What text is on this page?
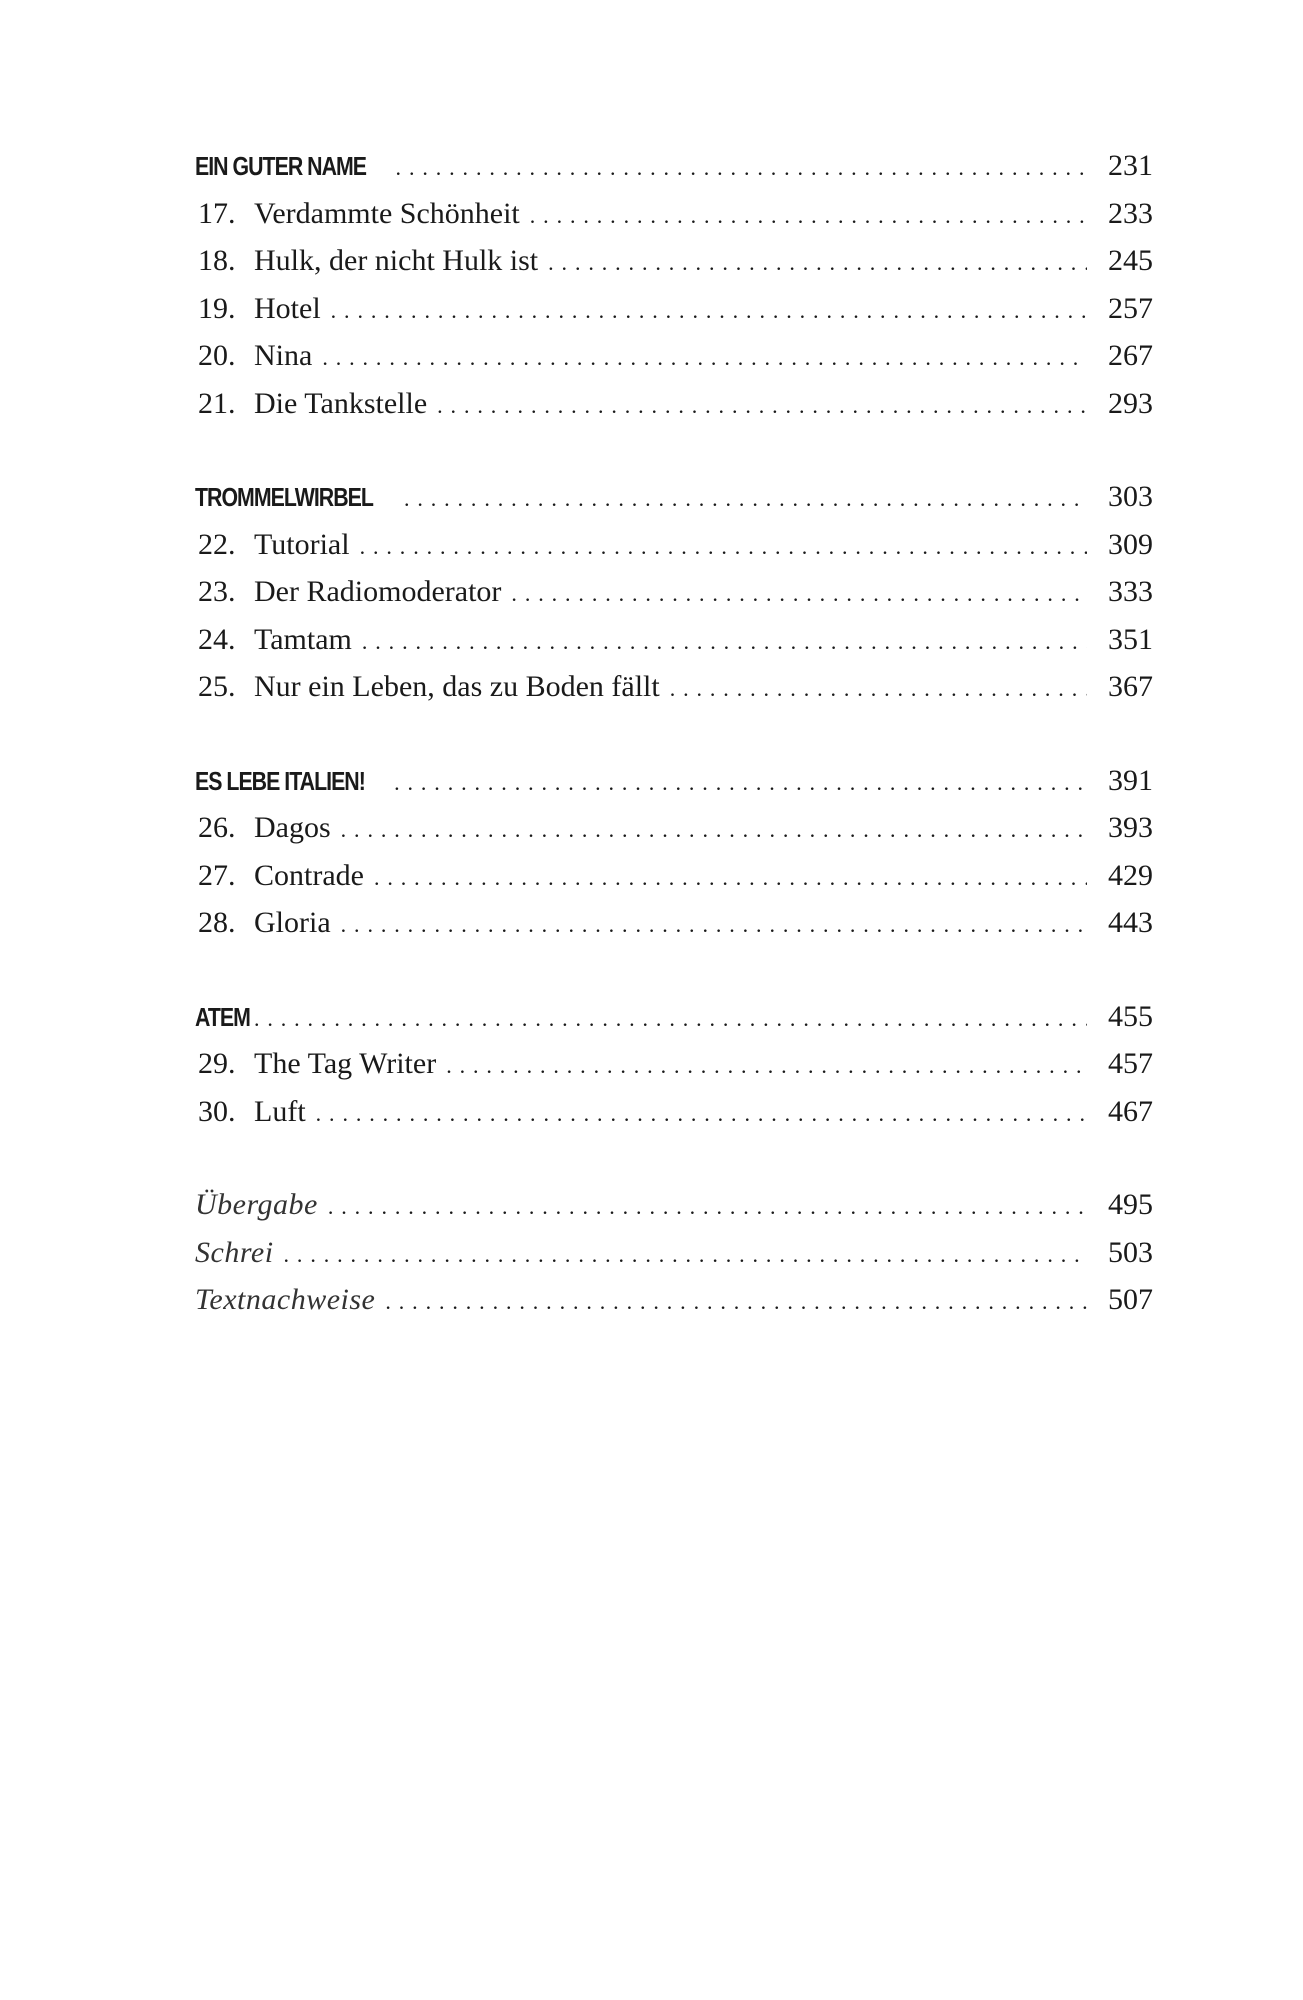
EIN GUTER NAME . . .	231
17. Verdammte Schönheit . . .	233
18. Hulk, der nicht Hulk ist . . .	245
19. Hotel . . .	257
20. Nina . . .	267
21. Die Tankstelle . . .	293
TROMMELWIRBEL . . .	303
22. Tutorial . . .	309
23. Der Radiomoderator . . .	333
24. Tamtam . . .	351
25. Nur ein Leben, das zu Boden fällt . . .	367
ES LEBE ITALIEN! . . .	391
26. Dagos . . .	393
27. Contrade . . .	429
28. Gloria . . .	443
ATEM . . .	455
29. The Tag Writer . . .	457
30. Luft . . .	467
Übergabe . . .	495
Schrei . . .	503
Textnachweise . . .	507
